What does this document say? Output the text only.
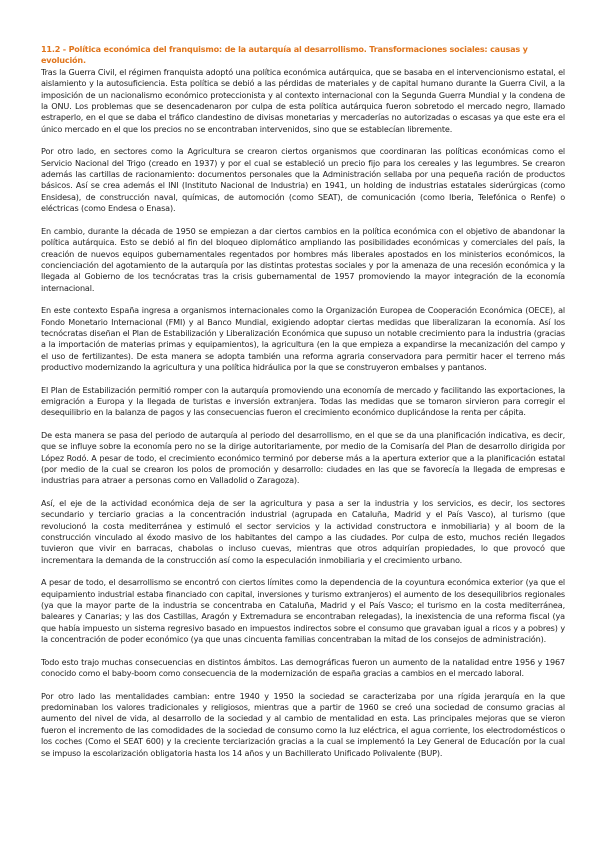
11.2 - Política económica del franquismo: de la autarquía al desarrollismo. Transformaciones sociales: causas y evolución.

Tras la Guerra Civil, el régimen franquista adoptó una política económica autárquica, que se basaba en el intervencionismo estatal, el aislamiento y la autosuficiencia. Esta política se debió a las pérdidas de materiales y de capital humano durante la Guerra Civil, a la imposición de un nacionalismo económico proteccionista y al contexto internacional con la Segunda Guerra Mundial y la condena de la ONU. Los problemas que se desencadenaron por culpa de esta política autárquica fueron sobretodo el mercado negro, llamado estraperlo, en el que se daba el tráfico clandestino de divisas monetarias y mercaderías no autorizadas o escasas ya que este era el único mercado en el que los precios no se encontraban intervenidos, sino que se establecían libremente.

Por otro lado, en sectores como la Agricultura se crearon ciertos organismos que coordinaran las políticas económicas como el Servicio Nacional del Trigo (creado en 1937) y por el cual se estableció un precio fijo para los cereales y las legumbres. Se crearon además las cartillas de racionamiento: documentos personales que la Administración sellaba por una pequeña ración de productos básicos. Así se crea además el INI (Instituto Nacional de Industria) en 1941, un holding de industrias estatales siderúrgicas (como Ensidesa), de construcción naval, químicas, de automoción (como SEAT), de comunicación (como Iberia, Telefónica o Renfe) o eléctricas (como Endesa o Enasa).

En cambio, durante la década de 1950 se empiezan a dar ciertos cambios en la política económica con el objetivo de abandonar la política autárquica. Esto se debió al fin del bloqueo diplomático ampliando las posibilidades económicas y comerciales del país, la creación de nuevos equipos gubernamentales regentados por hombres más liberales apostados en los ministerios económicos, la concienciación del agotamiento de la autarquía por las distintas protestas sociales y por la amenaza de una recesión económica y la llegada al Gobierno de los tecnócratas tras la crisis gubernamental de 1957 promoviendo la mayor integración de la economía internacional.

En este contexto España ingresa a organismos internacionales como la Organización Europea de Cooperación Económica (OECE), al Fondo Monetario Internacional (FMI) y al Banco Mundial, exigiendo adoptar ciertas medidas que liberalizaran la economía. Así los tecnócratas diseñan el Plan de Estabilización y Liberalización Económica que supuso un notable crecimiento para la industria (gracias a la importación de materias primas y equipamientos), la agricultura (en la que empieza a expandirse la mecanización del campo y el uso de fertilizantes). De esta manera se adopta también una reforma agraria conservadora para permitir hacer el terreno más productivo modernizando la agricultura y una política hidráulica por la que se construyeron embalses y pantanos.

El Plan de Estabilización permitió romper con la autarquía promoviendo una economía de mercado y facilitando las exportaciones, la emigración a Europa y la llegada de turistas e inversión extranjera. Todas las medidas que se tomaron sirvieron para corregir el desequilibrio en la balanza de pagos y las consecuencias fueron el crecimiento económico duplicándose la renta per cápita.

De esta manera se pasa del periodo de autarquía al periodo del desarrollismo, en el que se da una planificación indicativa, es decir, que se influye sobre la economía pero no se la dirige autoritariamente, por medio de la Comisaría del Plan de desarrollo dirigida por López Rodó. A pesar de todo, el crecimiento económico terminó por deberse más a la apertura exterior que a la planificación estatal (por medio de la cual se crearon los polos de promoción y desarrollo: ciudades en las que se favorecía la llegada de empresas e industrias para atraer a personas como en Valladolid o Zaragoza).

Así, el eje de la actividad económica deja de ser la agricultura y pasa a ser la industria y los servicios, es decir, los sectores secundario y terciario gracias a la concentración industrial (agrupada en Cataluña, Madrid y el País Vasco), al turismo (que revolucionó la costa mediterránea y estimuló el sector servicios y la actividad constructora e inmobiliaria) y al boom de la construcción vinculado al éxodo masivo de los habitantes del campo a las ciudades. Por culpa de esto, muchos recién llegados tuvieron que vivir en barracas, chabolas o incluso cuevas, mientras que otros adquirían propiedades, lo que provocó que incrementara la demanda de la construcción así como la especulación inmobiliaria y el crecimiento urbano.

A pesar de todo, el desarrollismo se encontró con ciertos límites como la dependencia de la coyuntura económica exterior (ya que el equipamiento industrial estaba financiado con capital, inversiones y turismo extranjeros) el aumento de los desequilibrios regionales (ya que la mayor parte de la industria se concentraba en Cataluña, Madrid y el País Vasco; el turismo en la costa mediterránea, baleares y Canarias; y las dos Castillas, Aragón y Extremadura se encontraban relegadas), la inexistencia de una reforma fiscal (ya que había impuesto un sistema regresivo basado en impuestos indirectos sobre el consumo que gravaban igual a ricos y a pobres) y la concentración de poder económico (ya que unas cincuenta familias concentraban la mitad de los consejos de administración).

Todo esto trajo muchas consecuencias en distintos ámbitos. Las demográficas fueron un aumento de la natalidad entre 1956 y 1967 conocido como el baby-boom como consecuencia de la modernización de españa gracias a cambios en el mercado laboral.

Por otro lado las mentalidades cambian: entre 1940 y 1950 la sociedad se caracterizaba por una rígida jerarquía en la que predominaban los valores tradicionales y religiosos, mientras que a partir de 1960 se creó una sociedad de consumo gracias al aumento del nivel de vida, al desarrollo de la sociedad y al cambio de mentalidad en esta. Las principales mejoras que se vieron fueron el incremento de las comodidades de la sociedad de consumo como la luz eléctrica, el agua corriente, los electrodomésticos o los coches (Como el SEAT 600) y la creciente terciarización gracias a la cual se implementó la Ley General de Educacíón por la cual se impuso la escolarización obligatoria hasta los 14 años y un Bachillerato Unificado Polivalente (BUP).
